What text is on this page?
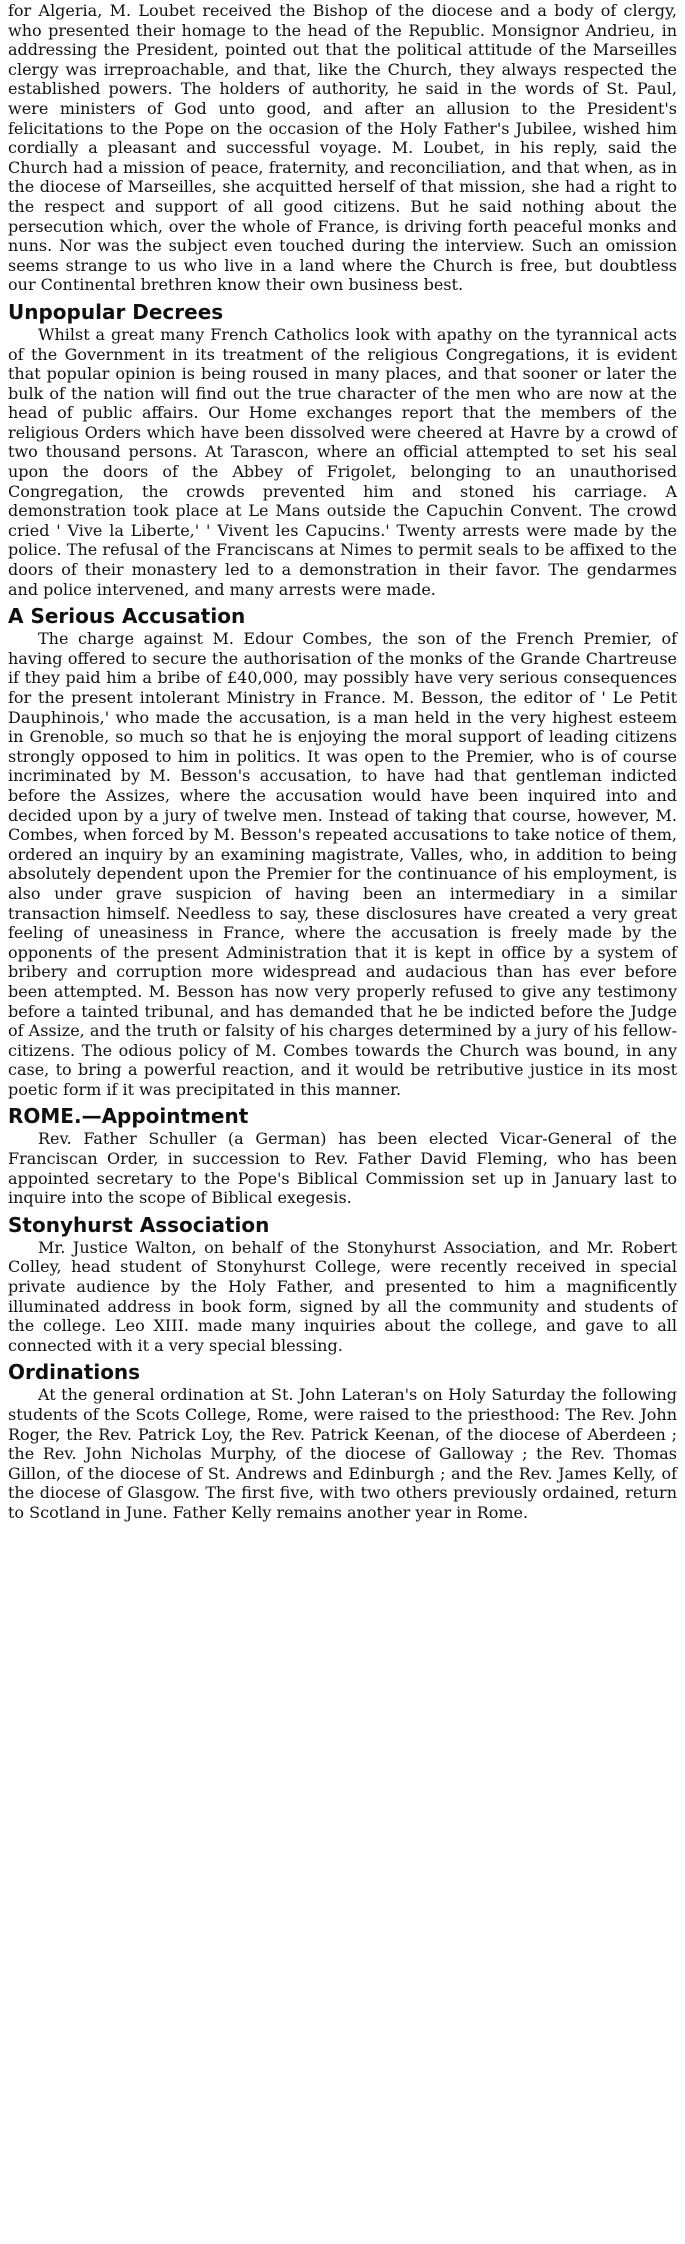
for Algeria, M. Loubet received the Bishop of the diocese and a body of clergy, who presented their homage to the head of the Republic. Monsignor Andrieu, in addressing the President, pointed out that the political attitude of the Marseilles clergy was irreproachable, and that, like the Church, they always respected the established powers. The holders of authority, he said in the words of St. Paul, were ministers of God unto good, and after an allusion to the President's felicitations to the Pope on the occasion of the Holy Father's Jubilee, wished him cordially a pleasant and successful voyage. M. Loubet, in his reply, said the Church had a mission of peace, fraternity, and reconciliation, and that when, as in the diocese of Marseilles, she acquitted herself of that mission, she had a right to the respect and support of all good citizens. But he said nothing about the persecution which, over the whole of France, is driving forth peaceful monks and nuns. Nor was the subject even touched during the interview. Such an omission seems strange to us who live in a land where the Church is free, but doubtless our Continental brethren know their own business best.

Unpopular Decrees

Whilst a great many French Catholics look with apathy on the tyrannical acts of the Government in its treatment of the religious Congregations, it is evident that popular opinion is being roused in many places, and that sooner or later the bulk of the nation will find out the true character of the men who are now at the head of public affairs. Our Home exchanges report that the members of the religious Orders which have been dissolved were cheered at Havre by a crowd of two thousand persons. At Tarascon, where an official attempted to set his seal upon the doors of the Abbey of Frigolet, belonging to an unauthorised Congregation, the crowds prevented him and stoned his carriage. A demonstration took place at Le Mans outside the Capuchin Convent. The crowd cried ' Vive la Liberte,' ' Vivent les Capucins.' Twenty arrests were made by the police. The refusal of the Franciscans at Nimes to permit seals to be affixed to the doors of their monastery led to a demonstration in their favor. The gendarmes and police intervened, and many arrests were made.

A Serious Accusation

The charge against M. Edour Combes, the son of the French Premier, of having offered to secure the authorisation of the monks of the Grande Chartreuse if they paid him a bribe of £40,000, may possibly have very serious consequences for the present intolerant Ministry in France. M. Besson, the editor of ' Le Petit Dauphinois,' who made the accusation, is a man held in the very highest esteem in Grenoble, so much so that he is enjoying the moral support of leading citizens strongly opposed to him in politics. It was open to the Premier, who is of course incriminated by M. Besson's accusation, to have had that gentleman indicted before the Assizes, where the accusation would have been inquired into and decided upon by a jury of twelve men. Instead of taking that course, however, M. Combes, when forced by M. Besson's repeated accusations to take notice of them, ordered an inquiry by an examining magistrate, Valles, who, in addition to being absolutely dependent upon the Premier for the continuance of his employment, is also under grave suspicion of having been an intermediary in a similar transaction himself. Needless to say, these disclosures have created a very great feeling of uneasiness in France, where the accusation is freely made by the opponents of the present Administration that it is kept in office by a system of bribery and corruption more widespread and audacious than has ever before been attempted. M. Besson has now very properly refused to give any testimony before a tainted tribunal, and has demanded that he be indicted before the Judge of Assize, and the truth or falsity of his charges determined by a jury of his fellow-citizens. The odious policy of M. Combes towards the Church was bound, in any case, to bring a powerful reaction, and it would be retributive justice in its most poetic form if it was precipitated in this manner.

ROME.—Appointment

Rev. Father Schuller (a German) has been elected Vicar-General of the Franciscan Order, in succession to Rev. Father David Fleming, who has been appointed secretary to the Pope's Biblical Commission set up in January last to inquire into the scope of Biblical exegesis.

Stonyhurst Association

Mr. Justice Walton, on behalf of the Stonyhurst Association, and Mr. Robert Colley, head student of Stonyhurst College, were recently received in special private audience by the Holy Father, and presented to him a magnificently illuminated address in book form, signed by all the community and students of the college. Leo XIII. made many inquiries about the college, and gave to all connected with it a very special blessing.

Ordinations

At the general ordination at St. John Lateran's on Holy Saturday the following students of the Scots College, Rome, were raised to the priesthood: The Rev. John Roger, the Rev. Patrick Loy, the Rev. Patrick Keenan, of the diocese of Aberdeen ; the Rev. John Nicholas Murphy, of the diocese of Galloway ; the Rev. Thomas Gillon, of the diocese of St. Andrews and Edinburgh ; and the Rev. James Kelly, of the diocese of Glasgow. The first five, with two others previously ordained, return to Scotland in June. Father Kelly remains another year in Rome.
